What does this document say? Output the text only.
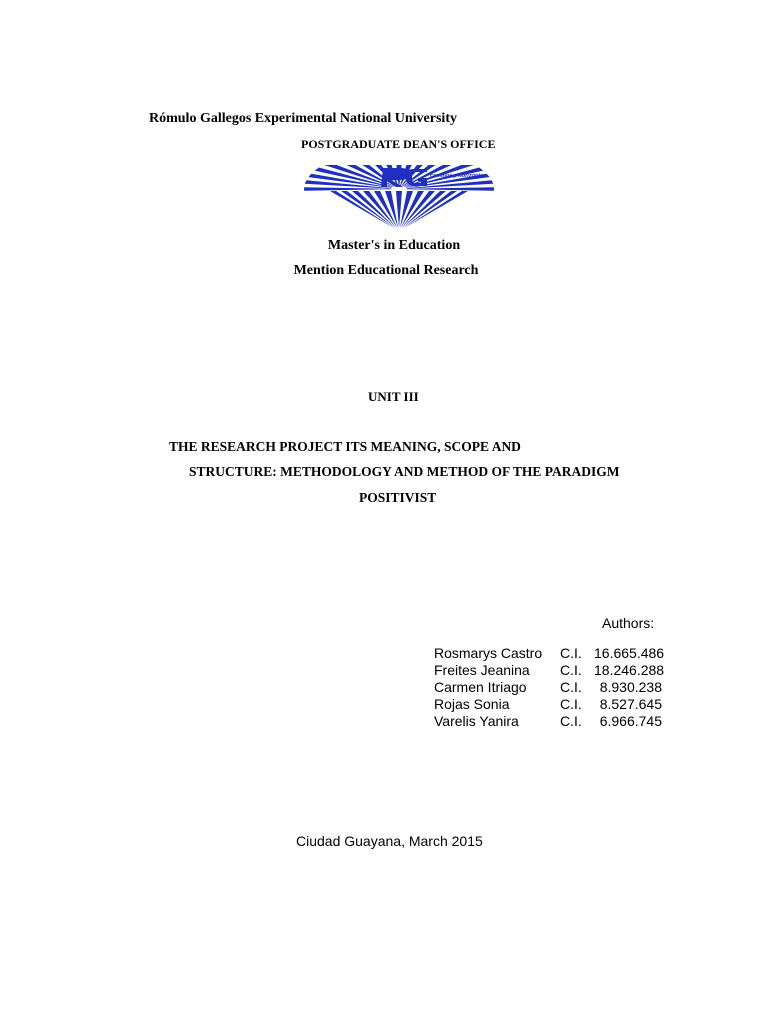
Rómulo Gallegos Experimental National University
POSTGRADUATE DEAN'S OFFICE
caminos y horizontes
Master's in Education
Mention Educational Research
UNIT III
THE RESEARCH PROJECT ITS MEANING, SCOPE AND
STRUCTURE: METHODOLOGY AND METHOD OF THE PARADIGM
POSITIVIST
Authors:
Rosmarys Castro	C.I. 16.665.486
Freites Jeanina	C.I. 18.246.288
Carmen Itriago	C.I. 8.930.238
Rojas Sonia	C.I. 8.527.645
Varelis Yanira	C.I. 6.966.745
Ciudad Guayana, March 2015
